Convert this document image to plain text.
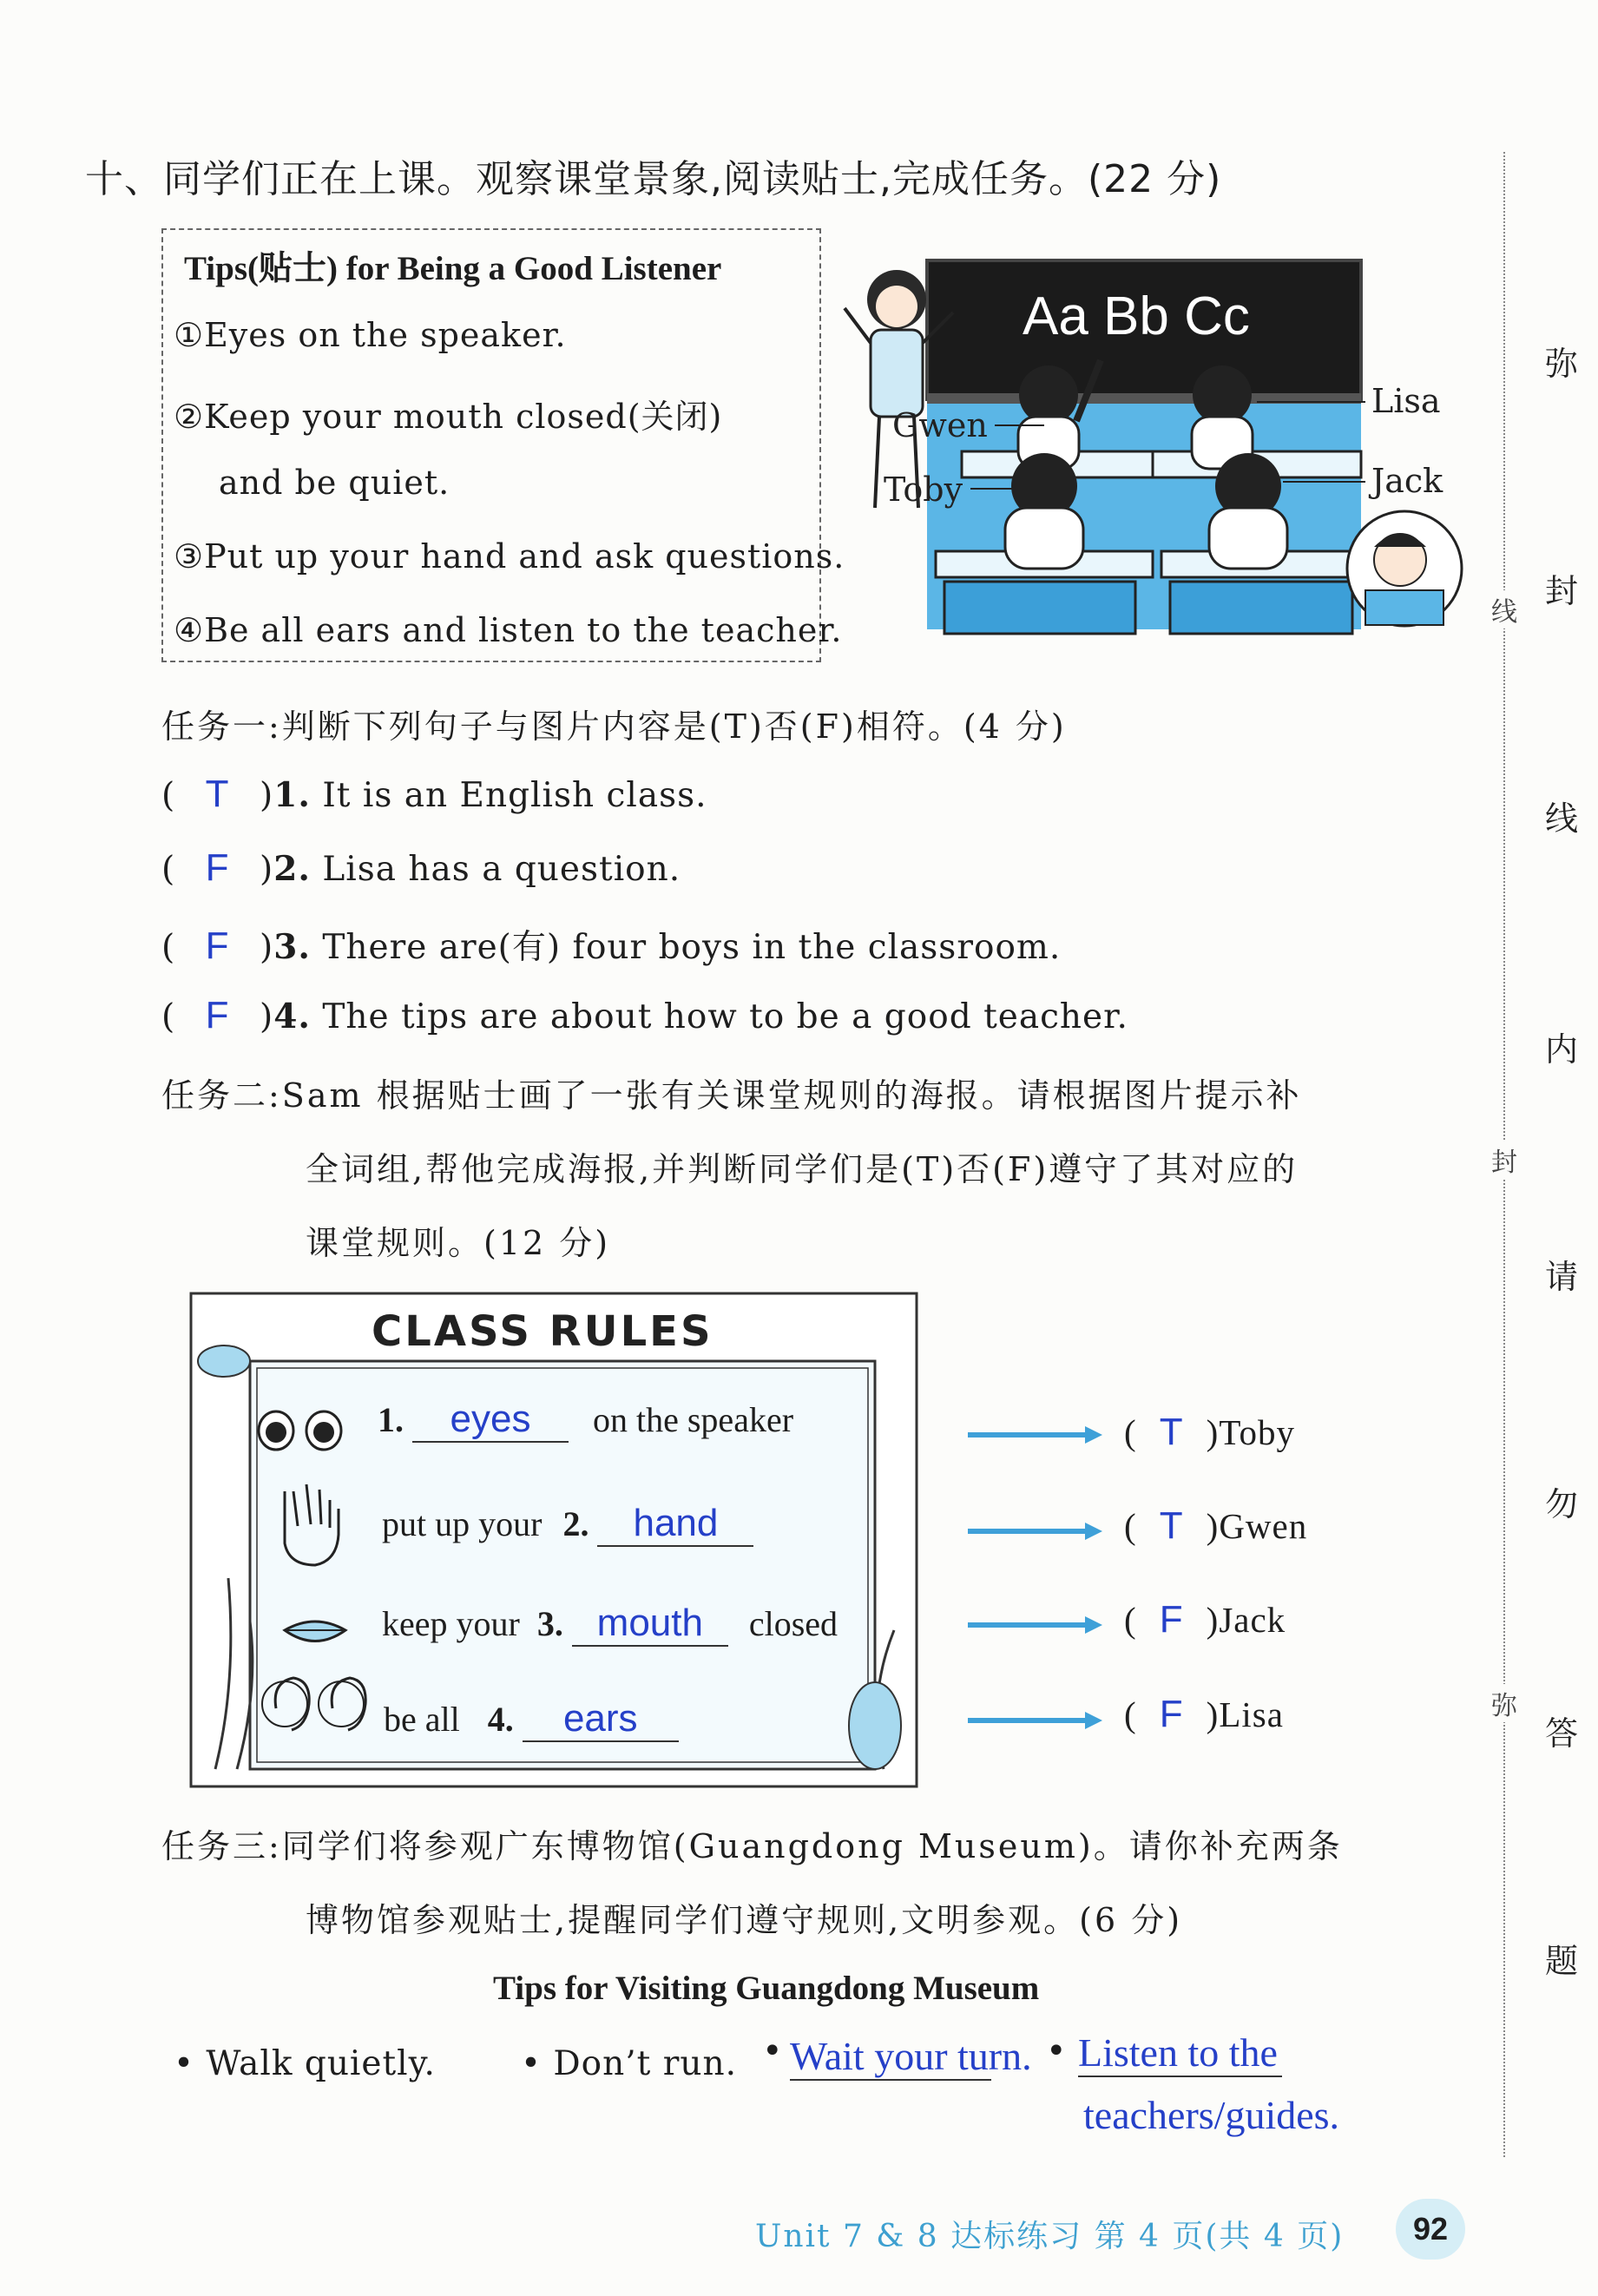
十、同学们正在上课。观察课堂景象,阅读贴士,完成任务。(22 分)
Tips(贴士) for Being a Good Listener
①Eyes on the speaker.
②Keep your mouth closed(关闭)
and be quiet.
③Put up your hand and ask questions.
④Be all ears and listen to the teacher.
Aa Bb Cc
Gwen
Toby
Lisa
Jack
任务一:判断下列句子与图片内容是(T)否(F)相符。(4 分)
( T )1. It is an English class.
( F )2. Lisa has a question.
( F )3. There are(有) four boys in the classroom.
( F )4. The tips are about how to be a good teacher.
任务二:Sam 根据贴士画了一张有关课堂规则的海报。请根据图片提示补
全词组,帮他完成海报,并判断同学们是(T)否(F)遵守了其对应的
课堂规则。(12 分)
CLASS RULES
1. eyes on the speaker
put up your 2. hand
keep your 3. mouth closed
be all 4. ears
( T )Toby
( T )Gwen
( F )Jack
( F )Lisa
任务三:同学们将参观广东博物馆(Guangdong Museum)。请你补充两条
博物馆参观贴士,提醒同学们遵守规则,文明参观。(6 分)
Tips for Visiting Guangdong Museum
• Walk quietly.	• Don’t run. • Wait your turn. • Listen to the
teachers/guides.
线
封
弥
弥
封
线
内
请
勿
答
题
Unit 7 & 8 达标练习 第 4 页(共 4 页)	92
